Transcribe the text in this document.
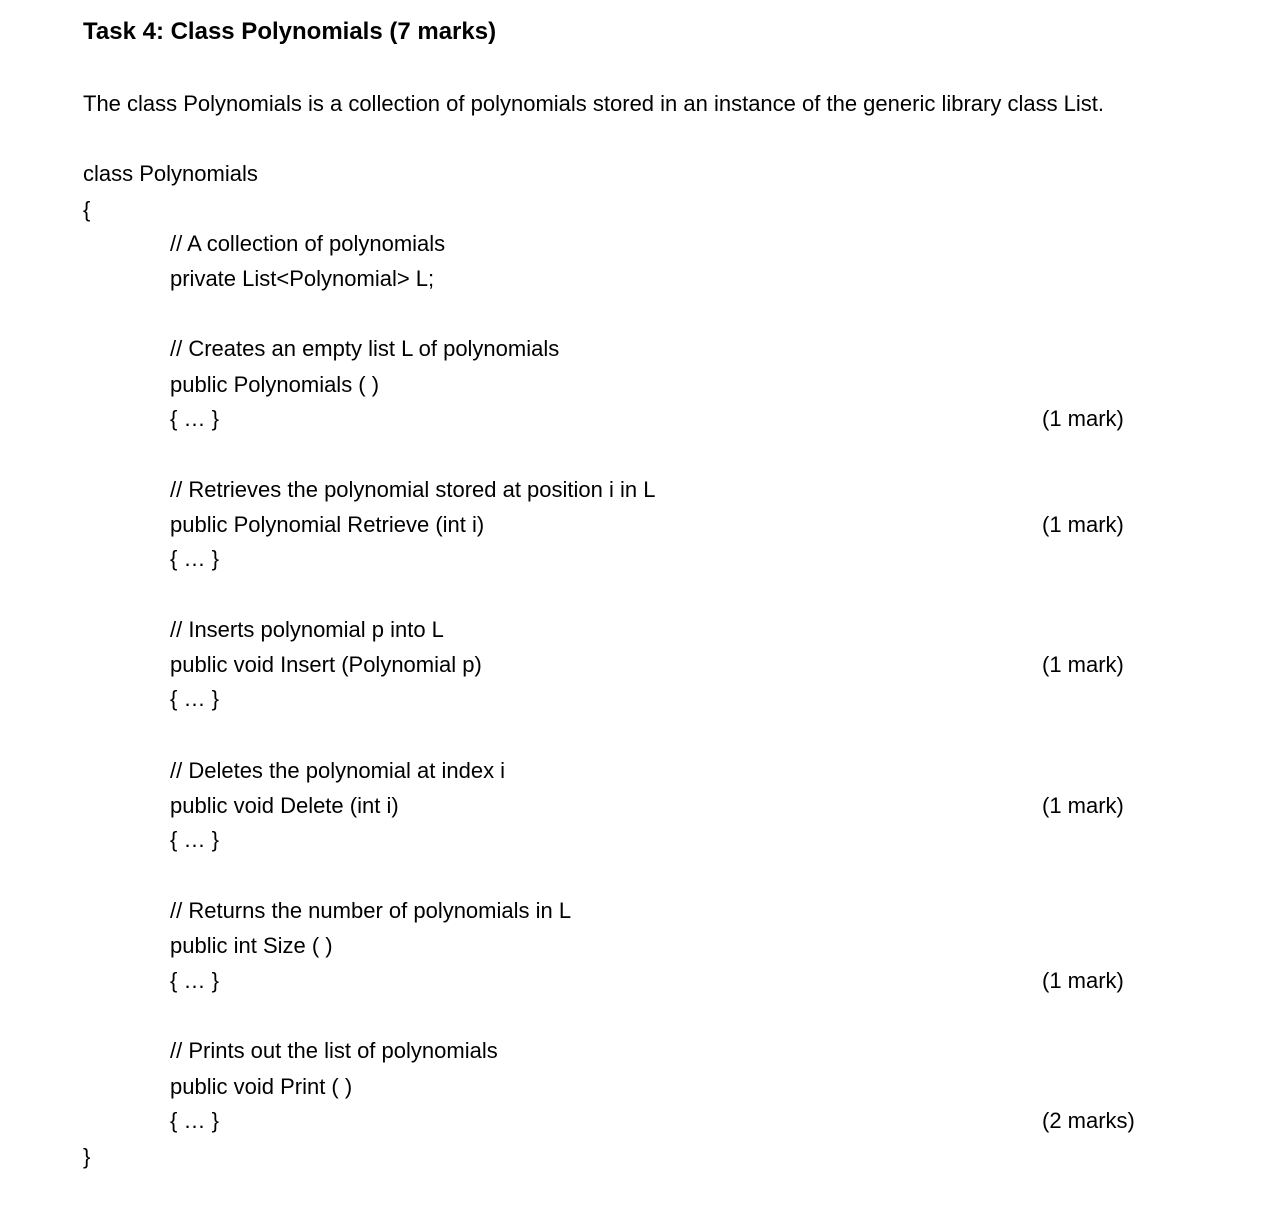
Task 4: Class Polynomials (7 marks)
The class Polynomials is a collection of polynomials stored in an instance of the generic library class List.
class Polynomials
{
// A collection of polynomials
private List<Polynomial> L;
// Creates an empty list L of polynomials
public Polynomials ( )
{ … }	(1 mark)
// Retrieves the polynomial stored at position i in L
public Polynomial Retrieve (int i)
{ … }
(1 mark)
// Inserts polynomial p into L
public void Insert (Polynomial p)
{ … }
(1 mark)
// Deletes the polynomial at index i
public void Delete (int i)
{ … }
(1 mark)
// Returns the number of polynomials in L
public int Size ( )
{ … }	(1 mark)
// Prints out the list of polynomials
public void Print ( )
{ … }	(2 marks)
}
